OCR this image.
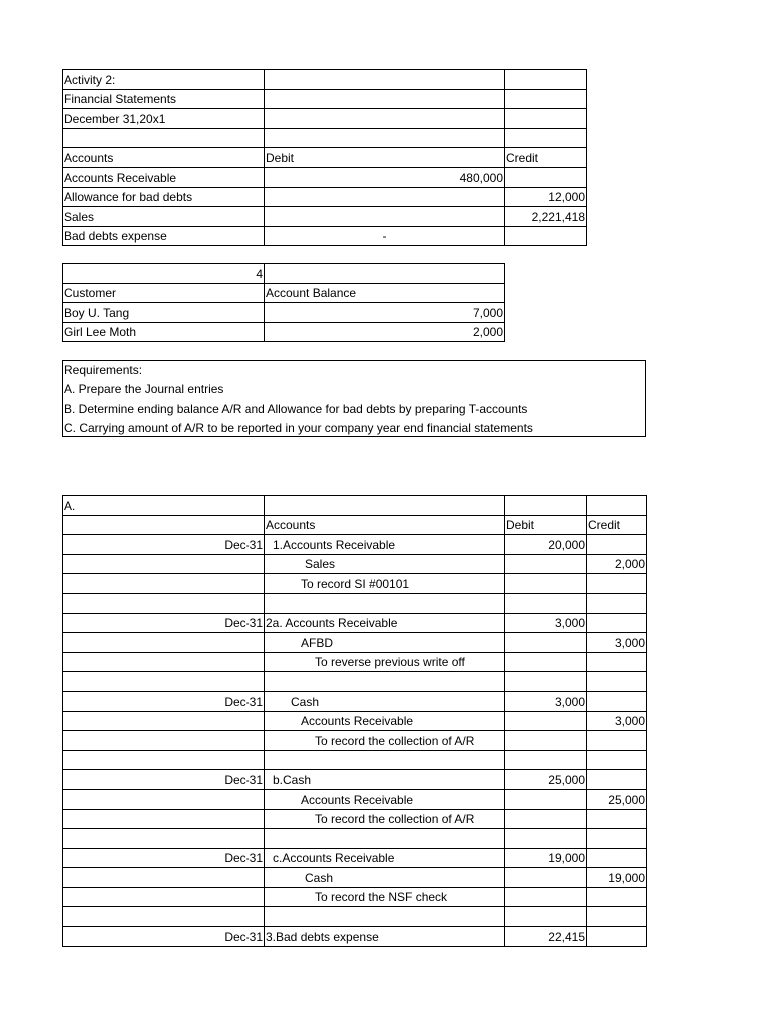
Activity 2:		
Financial Statements		
December 31,20x1		

Accounts	Debit	Credit
Accounts Receivable	480,000	
Allowance for bad debts		12,000
Sales		2,221,418
Bad debts expense	-	
4	
Customer	Account Balance
Boy U. Tang	7,000
Girl Lee Moth	2,000
Requirements:
A. Prepare the Journal entries
B. Determine ending balance A/R and Allowance for bad debts by preparing T-accounts
C. Carrying amount of A/R to be reported in your company year end financial statements
A.			
	Accounts	Debit	Credit
Dec-31	1.Accounts Receivable	20,000	
	Sales		2,000
	To record SI #00101		

Dec-31	2a. Accounts Receivable	3,000	
	AFBD		3,000
	To reverse previous write off		

Dec-31	Cash	3,000	
	Accounts Receivable		3,000
	To record the collection of A/R		

Dec-31	b.Cash	25,000	
	Accounts Receivable		25,000
	To record the collection of A/R		

Dec-31	c.Accounts Receivable	19,000	
	Cash		19,000
	To record the NSF check		

Dec-31	3.Bad debts expense	22,415	
